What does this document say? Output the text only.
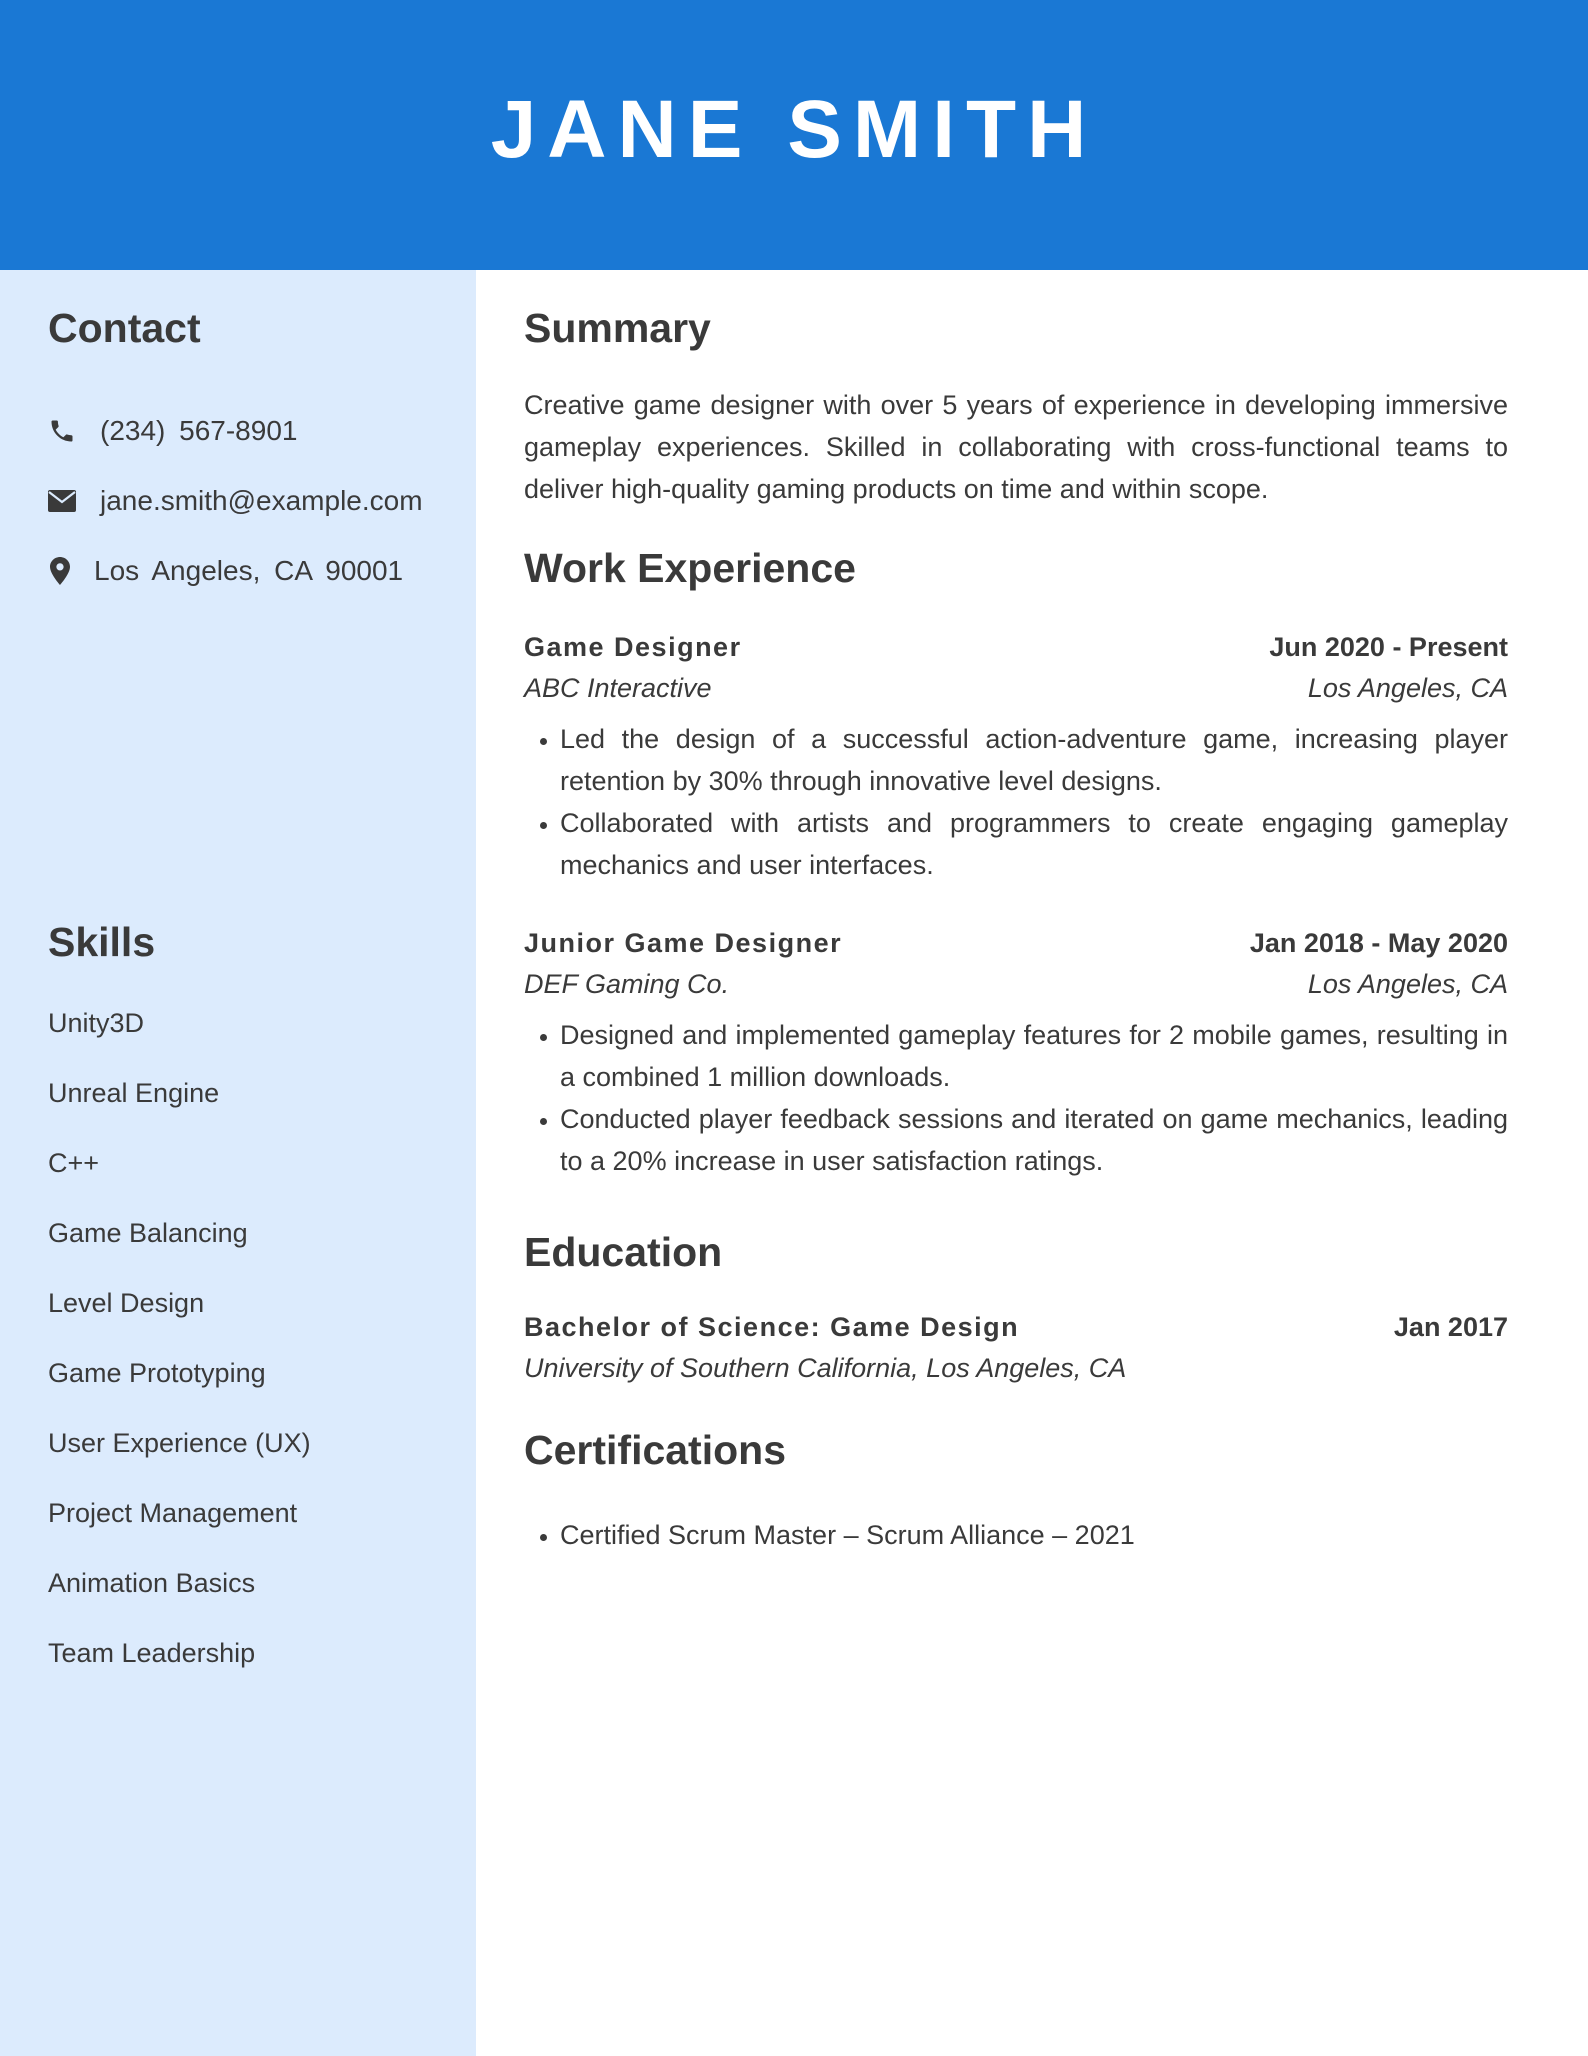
JANE SMITH
Contact
(234) 567-8901
jane.smith@example.com
Los Angeles, CA 90001
Skills
Unity3D
Unreal Engine
C++
Game Balancing
Level Design
Game Prototyping
User Experience (UX)
Project Management
Animation Basics
Team Leadership
Summary

Creative game designer with over 5 years of experience in developing immersive gameplay experiences. Skilled in collaborating with cross-functional teams to deliver high-quality gaming products on time and within scope.

Work Experience
Game Designer	Jun 2020 - Present
ABC Interactive	Los Angeles, CA
• Led the design of a successful action-adventure game, increasing player retention by 30% through innovative level designs.
• Collaborated with artists and programmers to create engaging gameplay mechanics and user interfaces.
Junior Game Designer	Jan 2018 - May 2020
DEF Gaming Co.	Los Angeles, CA
• Designed and implemented gameplay features for 2 mobile games, resulting in a combined 1 million downloads.
• Conducted player feedback sessions and iterated on game mechanics, leading to a 20% increase in user satisfaction ratings.
Education
Bachelor of Science: Game Design	Jan 2017
University of Southern California, Los Angeles, CA
Certifications
• Certified Scrum Master – Scrum Alliance – 2021
